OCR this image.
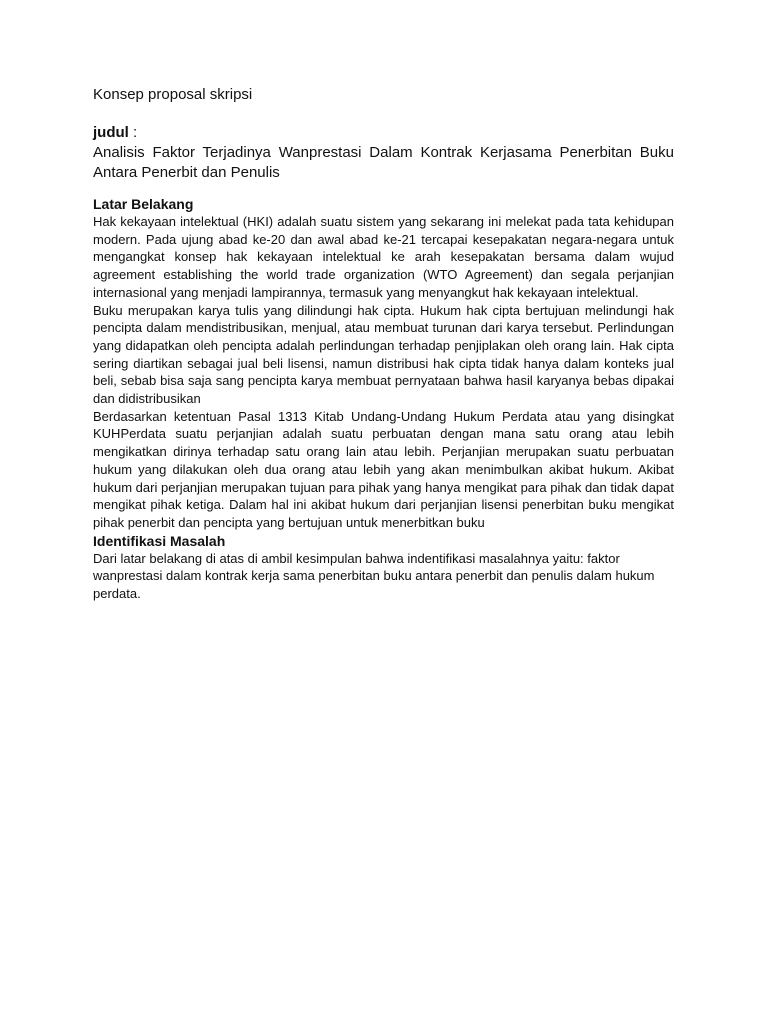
Konsep proposal skripsi

judul :

Analisis Faktor Terjadinya Wanprestasi Dalam Kontrak Kerjasama Penerbitan Buku Antara Penerbit dan Penulis

Latar Belakang

Hak kekayaan intelektual (HKI) adalah suatu sistem yang sekarang ini melekat pada tata kehidupan modern. Pada ujung abad ke-20 dan awal abad ke-21 tercapai kesepakatan negara-negara untuk mengangkat konsep hak kekayaan intelektual ke arah kesepakatan bersama dalam wujud agreement establishing the world trade organization (WTO Agreement) dan segala perjanjian internasional yang menjadi lampirannya, termasuk yang menyangkut hak kekayaan intelektual.

Buku merupakan karya tulis yang dilindungi hak cipta. Hukum hak cipta bertujuan melindungi hak pencipta dalam mendistribusikan, menjual, atau membuat turunan dari karya tersebut. Perlindungan yang didapatkan oleh pencipta adalah perlindungan terhadap penjiplakan oleh orang lain. Hak cipta sering diartikan sebagai jual beli lisensi, namun distribusi hak cipta tidak hanya dalam konteks jual beli, sebab bisa saja sang pencipta karya membuat pernyataan bahwa hasil karyanya bebas dipakai dan didistribusikan

Berdasarkan ketentuan Pasal 1313 Kitab Undang-Undang Hukum Perdata atau yang disingkat KUHPerdata suatu perjanjian adalah suatu perbuatan dengan mana satu orang atau lebih mengikatkan dirinya terhadap satu orang lain atau lebih. Perjanjian merupakan suatu perbuatan hukum yang dilakukan oleh dua orang atau lebih yang akan menimbulkan akibat hukum. Akibat hukum dari perjanjian merupakan tujuan para pihak yang hanya mengikat para pihak dan tidak dapat mengikat pihak ketiga. Dalam hal ini akibat hukum dari perjanjian lisensi penerbitan buku mengikat pihak penerbit dan pencipta yang bertujuan untuk menerbitkan buku

Identifikasi Masalah

Dari latar belakang di atas di ambil kesimpulan bahwa indentifikasi masalahnya yaitu: faktor wanprestasi dalam kontrak kerja sama penerbitan buku antara penerbit dan penulis dalam hukum perdata.
